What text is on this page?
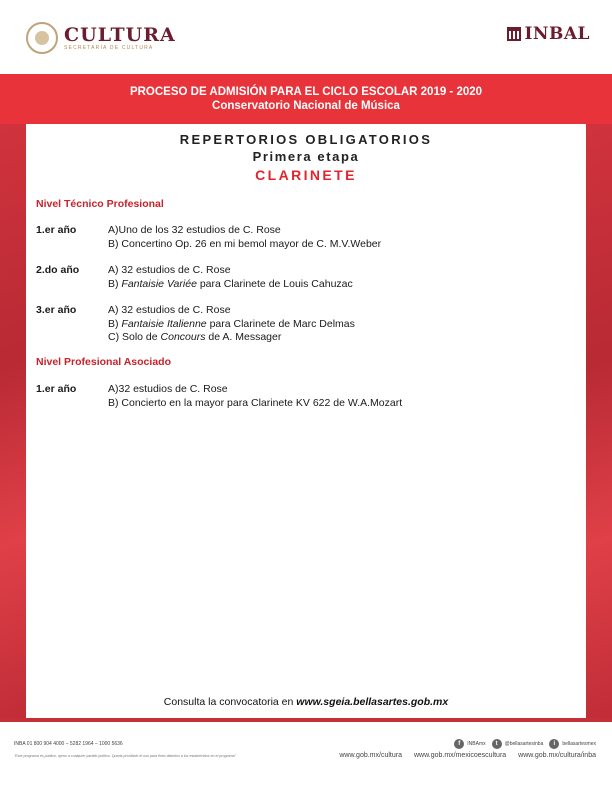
CULTURA
SECRETARÍA DE CULTURA
INBAL
PROCESO DE ADMISIÓN PARA EL CICLO ESCOLAR 2019 - 2020
Conservatorio Nacional de Música
REPERTORIOS OBLIGATORIOS
Primera etapa
CLARINETE
Nivel Técnico Profesional
1.er año	A)Uno de los 32 estudios de C. Rose
B) Concertino Op. 26 en mi bemol mayor de C. M.V.Weber
2.do año	A) 32 estudios de C. Rose
B) Fantaisie Variée para Clarinete de Louis Cahuzac
3.er año	A) 32 estudios de C. Rose
B) Fantaisie Italienne para Clarinete de Marc Delmas
C) Solo de Concours de A. Messager
Nivel Profesional Asociado
1.er año	A)32 estudios de C. Rose
B) Concierto en la mayor para Clarinete KV 622 de W.A.Mozart
Consulta la convocatoria en www.sgeia.bellasartes.gob.mx
INBA 01 800 904 4000 – 5282 1964 – 1000 5636
"Este programa es público, ajeno a cualquier partido político. Queda prohibido el uso para fines distintos a los establecidos en el programa"
f	INBAmx	t	@bellasartesinba	i	bellasartesmex
www.gob.mx/cultura www.gob.mx/mexicoescultura www.gob.mx/cultura/inba
